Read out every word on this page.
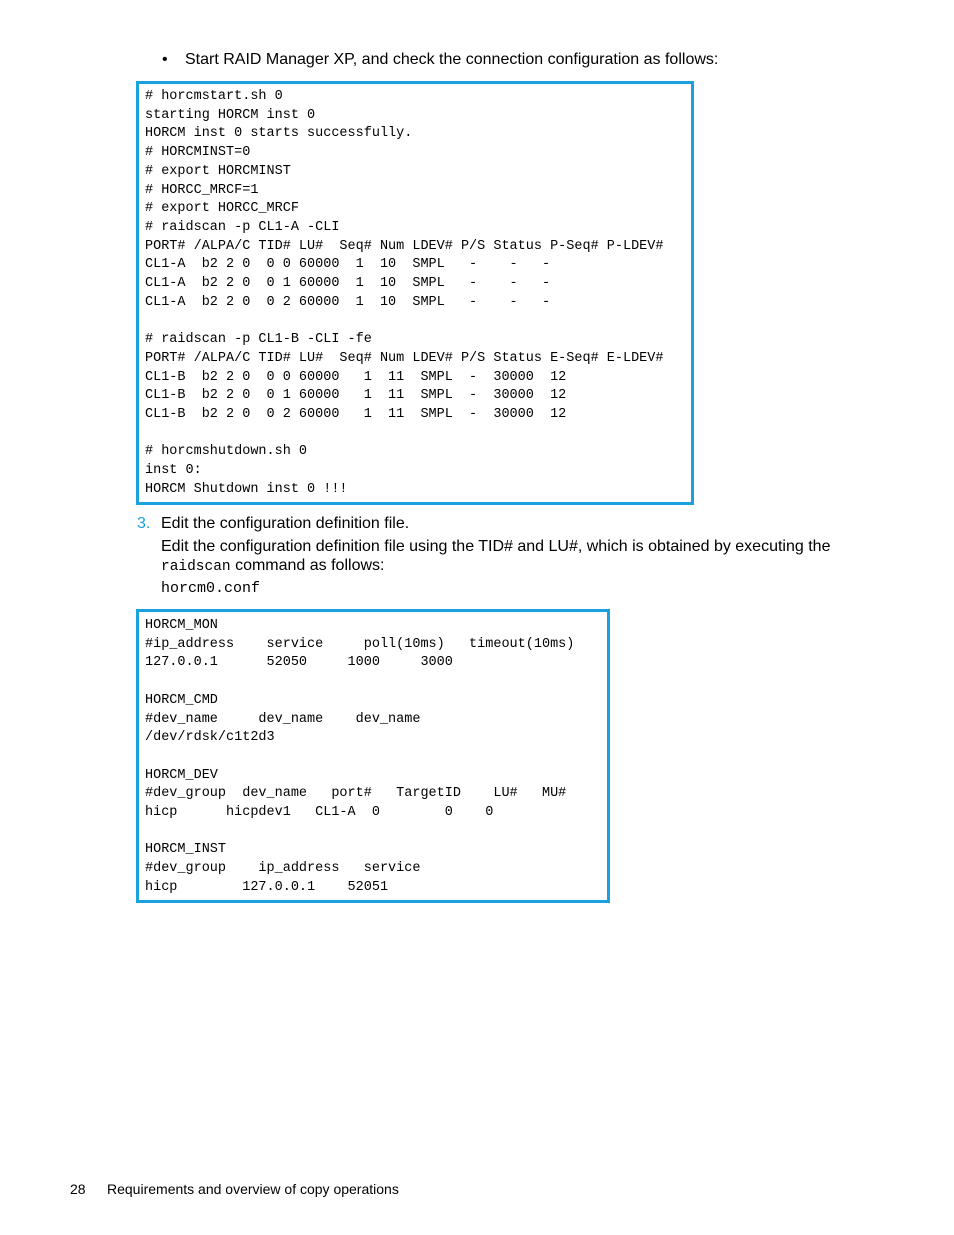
• Start RAID Manager XP, and check the connection configuration as follows:
# horcmstart.sh 0
starting HORCM inst 0
HORCM inst 0 starts successfully.
# HORCMINST=0
# export HORCMINST
# HORCC_MRCF=1
# export HORCC_MRCF
# raidscan -p CL1-A -CLI
PORT# /ALPA/C TID# LU#  Seq# Num LDEV# P/S Status P-Seq# P-LDEV#
CL1-A  b2 2 0  0 0 60000  1  10  SMPL   -    -   -
CL1-A  b2 2 0  0 1 60000  1  10  SMPL   -    -   -
CL1-A  b2 2 0  0 2 60000  1  10  SMPL   -    -   -

# raidscan -p CL1-B -CLI -fe
PORT# /ALPA/C TID# LU#  Seq# Num LDEV# P/S Status E-Seq# E-LDEV#
CL1-B  b2 2 0  0 0 60000   1  11  SMPL  -  30000  12
CL1-B  b2 2 0  0 1 60000   1  11  SMPL  -  30000  12
CL1-B  b2 2 0  0 2 60000   1  11  SMPL  -  30000  12

# horcmshutdown.sh 0
inst 0:
HORCM Shutdown inst 0 !!!
3. Edit the configuration definition file.
Edit the configuration definition file using the TID# and LU#, which is obtained by executing the
raidscan command as follows:
horcm0.conf
HORCM_MON
#ip_address    service     poll(10ms)   timeout(10ms)
127.0.0.1      52050     1000     3000

HORCM_CMD
#dev_name     dev_name    dev_name
/dev/rdsk/c1t2d3

HORCM_DEV
#dev_group  dev_name   port#   TargetID    LU#   MU#
hicp      hicpdev1   CL1-A  0        0    0

HORCM_INST
#dev_group    ip_address   service
hicp        127.0.0.1    52051
28 Requirements and overview of copy operations
